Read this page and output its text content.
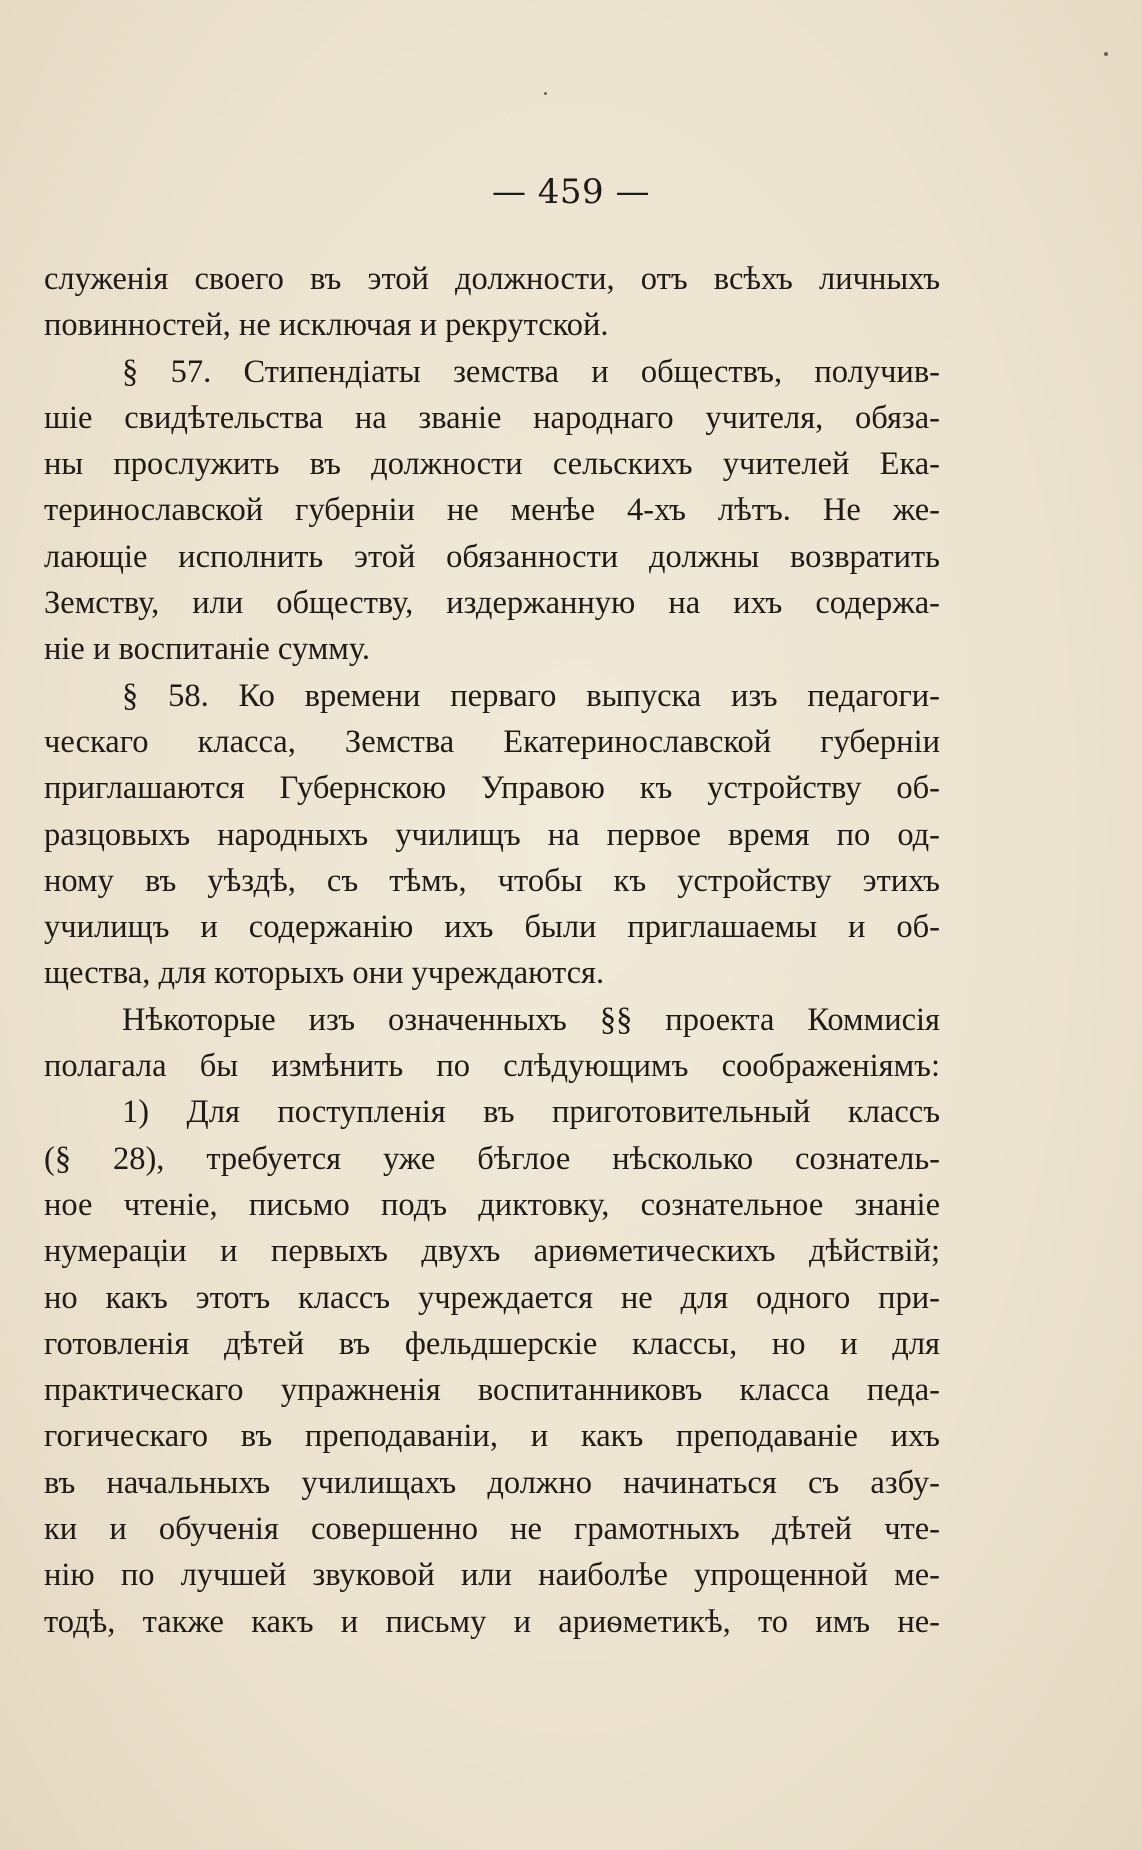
— 459 —
служенія своего въ этой должности, отъ всѣхъ личныхъ
повинностей, не исключая и рекрутской.
§ 57. Стипендіаты земства и обществъ, получив-
шіе свидѣтельства на званіе народнаго учителя, обяза-
ны прослужить въ должности сельскихъ учителей Ека-
теринославской губерніи не менѣе 4-хъ лѣтъ. Не же-
лающіе исполнить этой обязанности должны возвратить
Земству, или обществу, издержанную на ихъ содержа-
ніе и воспитаніе сумму.
§ 58. Ко времени перваго выпуска изъ педагоги-
ческаго класса, Земства Екатеринославской губерніи
приглашаются Губернскою Управою къ устройству об-
разцовыхъ народныхъ училищъ на первое время по од-
ному въ уѣздѣ, съ тѣмъ, чтобы къ устройству этихъ
училищъ и содержанію ихъ были приглашаемы и об-
щества, для которыхъ они учреждаются.
Нѣкоторые изъ означенныхъ §§ проекта Коммисія
полагала бы измѣнить по слѣдующимъ соображеніямъ:
1) Для поступленія въ приготовительный классъ
(§ 28), требуется уже бѣглое нѣсколько сознатель-
ное чтеніе, письмо подъ диктовку, сознательное знаніе
нумераціи и первыхъ двухъ ариѳметическихъ дѣйствій;
но какъ этотъ классъ учреждается не для одного при-
готовленія дѣтей въ фельдшерскіе классы, но и для
практическаго упражненія воспитанниковъ класса педа-
гогическаго въ преподаваніи, и какъ преподаваніе ихъ
въ начальныхъ училищахъ должно начинаться съ азбу-
ки и обученія совершенно не грамотныхъ дѣтей чте-
нію по лучшей звуковой или наиболѣе упрощенной ме-
тодѣ, также какъ и письму и ариѳметикѣ, то имъ не-
